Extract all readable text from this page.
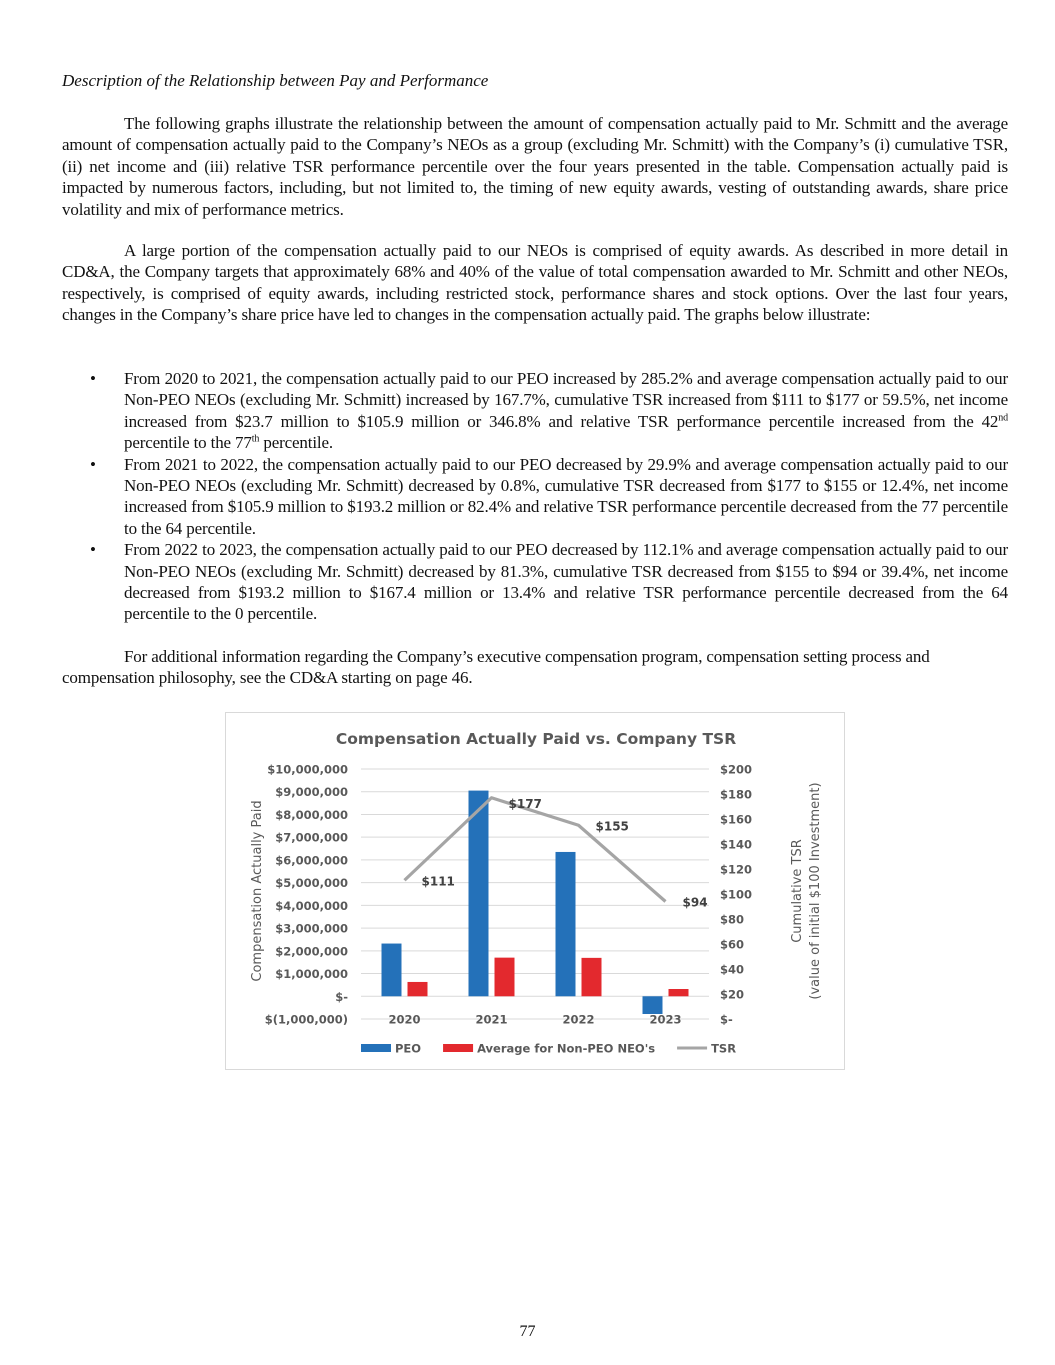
Description of the Relationship between Pay and Performance

The following graphs illustrate the relationship between the amount of compensation actually paid to Mr. Schmitt and the average amount of compensation actually paid to the Company’s NEOs as a group (excluding Mr. Schmitt) with the Company’s (i) cumulative TSR, (ii) net income and (iii) relative TSR performance percentile over the four years presented in the table. Compensation actually paid is impacted by numerous factors, including, but not limited to, the timing of new equity awards, vesting of outstanding awards, share price volatility and mix of performance metrics.

A large portion of the compensation actually paid to our NEOs is comprised of equity awards. As described in more detail in CD&A, the Company targets that approximately 68% and 40% of the value of total compensation awarded to Mr. Schmitt and other NEOs, respectively, is comprised of equity awards, including restricted stock, performance shares and stock options. Over the last four years, changes in the Company’s share price have led to changes in the compensation actually paid. The graphs below illustrate:

• From 2020 to 2021, the compensation actually paid to our PEO increased by 285.2% and average compensation actually paid to our Non-PEO NEOs (excluding Mr. Schmitt) increased by 167.7%, cumulative TSR increased from $111 to $177 or 59.5%, net income increased from $23.7 million to $105.9 million or 346.8% and relative TSR performance percentile increased from the 42nd percentile to the 77th percentile.
• From 2021 to 2022, the compensation actually paid to our PEO decreased by 29.9% and average compensation actually paid to our Non-PEO NEOs (excluding Mr. Schmitt) decreased by 0.8%, cumulative TSR decreased from $177 to $155 or 12.4%, net income increased from $105.9 million to $193.2 million or 82.4% and relative TSR performance percentile decreased from the 77 percentile to the 64 percentile.
• From 2022 to 2023, the compensation actually paid to our PEO decreased by 112.1% and average compensation actually paid to our Non-PEO NEOs (excluding Mr. Schmitt) decreased by 81.3%, cumulative TSR decreased from $155 to $94 or 39.4%, net income decreased from $193.2 million to $167.4 million or 13.4% and relative TSR performance percentile decreased from the 64 percentile to the 0 percentile.

For additional information regarding the Company’s executive compensation program, compensation setting process and compensation philosophy, see the CD&A starting on page 46.

Compensation Actually Paid vs. Company TSR
$(1,000,000)
$-
$1,000,000
$2,000,000
$3,000,000
$4,000,000
$5,000,000
$6,000,000
$7,000,000
$8,000,000
$9,000,000
$10,000,000
$-
$20
$40
$60
$80
$100
$120
$140
$160
$180
$200
2020	2021	2022	2023
$111
$177
$155
$94
Compensation Actually Paid	Cumulative TSR (value of initial $100 Investment)
PEO	Average for Non-PEO NEO's	TSR
77
